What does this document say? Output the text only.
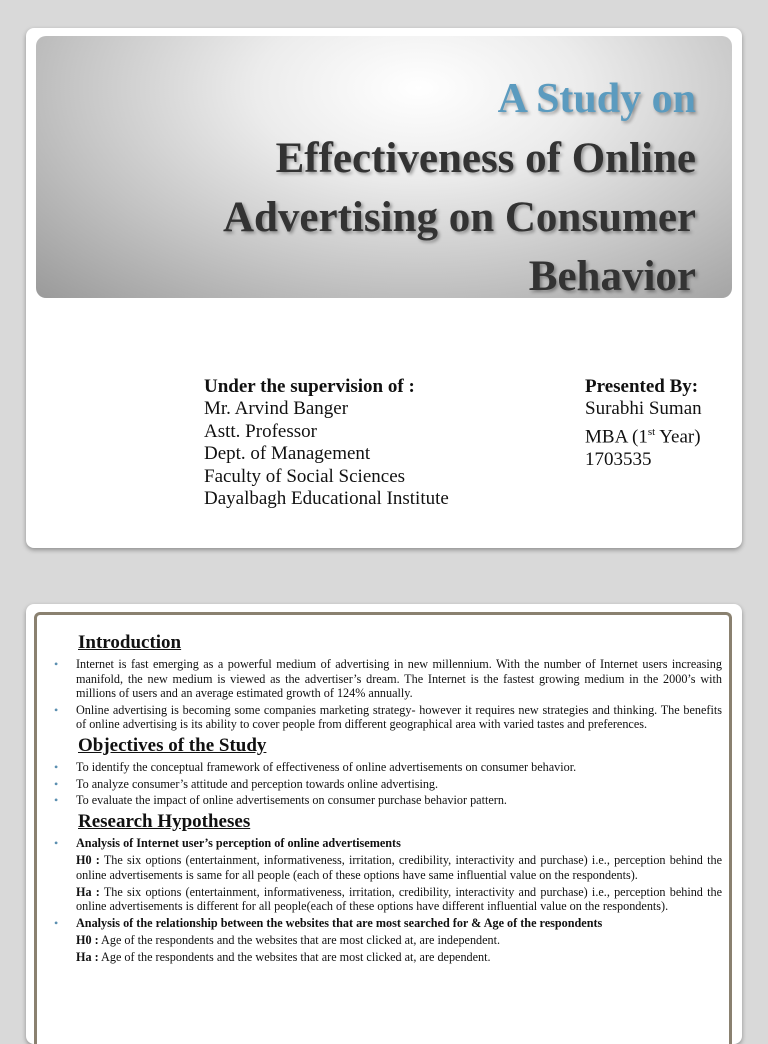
A Study on
Effectiveness of Online Advertising on Consumer Behavior
Under the supervision of :
Mr. Arvind Banger
Astt. Professor
Dept. of Management
Faculty of Social Sciences
Dayalbagh Educational Institute
Presented By:
Surabhi Suman
MBA (1st Year)
1703535
Introduction
• Internet is fast emerging as a powerful medium of advertising in new millennium. With the number of Internet users increasing manifold, the new medium is viewed as the advertiser’s dream. The Internet is the fastest growing medium in the 2000’s with millions of users and an average estimated growth of 124% annually.
• Online advertising is becoming some companies marketing strategy- however it requires new strategies and thinking. The benefits of online advertising is its ability to cover people from different geographical area with varied tastes and preferences.
Objectives of the Study
• To identify the conceptual framework of effectiveness of online advertisements on consumer behavior.
• To analyze consumer’s attitude and perception towards online advertising.
• To evaluate the impact of online advertisements on consumer purchase behavior pattern.
Research Hypotheses
• Analysis of Internet user’s perception of online advertisements
H0 : The six options (entertainment, informativeness, irritation, credibility, interactivity and purchase) i.e., perception behind the online advertisements is same for all people (each of these options have same influential value on the respondents).
Ha : The six options (entertainment, informativeness, irritation, credibility, interactivity and purchase) i.e., perception behind the online advertisements is different for all people(each of these options have different influential value on the respondents).
• Analysis of the relationship between the websites that are most searched for & Age of the respondents
H0 : Age of the respondents and the websites that are most clicked at, are independent.
Ha : Age of the respondents and the websites that are most clicked at, are dependent.
